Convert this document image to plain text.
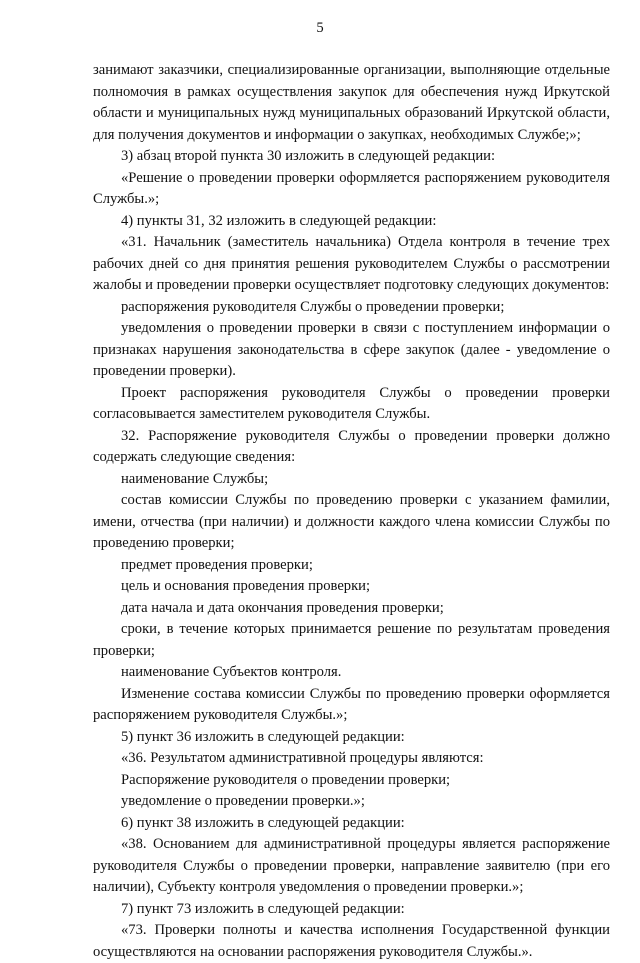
5

занимают заказчики, специализированные организации, выполняющие отдельные полномочия в рамках осуществления закупок для обеспечения нужд Иркутской области и муниципальных нужд муниципальных образований Иркутской области, для получения документов и информации о закупках, необходимых Службе;»;

3) абзац второй пункта 30 изложить в следующей редакции:

«Решение о проведении проверки оформляется распоряжением руководителя Службы.»;

4) пункты 31, 32 изложить в следующей редакции:

«31. Начальник (заместитель начальника) Отдела контроля в течение трех рабочих дней со дня принятия решения руководителем Службы о рассмотрении жалобы и проведении проверки осуществляет подготовку следующих документов:

распоряжения руководителя Службы о проведении проверки;

уведомления о проведении проверки в связи с поступлением информации о признаках нарушения законодательства в сфере закупок (далее - уведомление о проведении проверки).

Проект распоряжения руководителя Службы о проведении проверки согласовывается заместителем руководителя Службы.

32. Распоряжение руководителя Службы о проведении проверки должно содержать следующие сведения:

наименование Службы;

состав комиссии Службы по проведению проверки с указанием фамилии, имени, отчества (при наличии) и должности каждого члена комиссии Службы по проведению проверки;

предмет проведения проверки;

цель и основания проведения проверки;

дата начала и дата окончания проведения проверки;

сроки, в течение которых принимается решение по результатам проведения проверки;

наименование Субъектов контроля.

Изменение состава комиссии Службы по проведению проверки оформляется распоряжением руководителя Службы.»;

5) пункт 36 изложить в следующей редакции:

«36. Результатом административной процедуры являются:

Распоряжение руководителя о проведении проверки;

уведомление о проведении проверки.»;

6) пункт 38 изложить в следующей редакции:

«38. Основанием для административной процедуры является распоряжение руководителя Службы о проведении проверки, направление заявителю (при его наличии), Субъекту контроля уведомления о проведении проверки.»;

7) пункт 73 изложить в следующей редакции:

«73. Проверки полноты и качества исполнения Государственной функции осуществляются на основании распоряжения руководителя Службы.».
